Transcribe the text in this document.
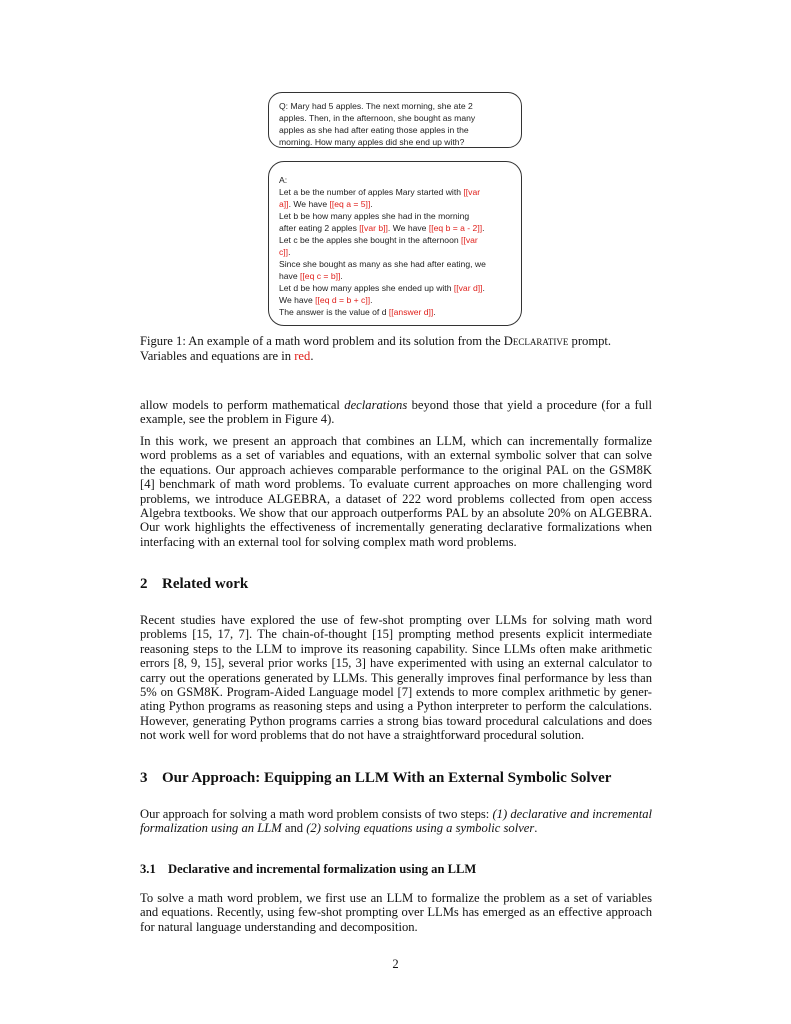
Q: Mary had 5 apples. The next morning, she ate 2
apples. Then, in the afternoon, she bought as many
apples as she had after eating those apples in the
morning. How many apples did she end up with?
A:
Let a be the number of apples Mary started with [[var
a]]. We have [[eq a = 5]].
Let b be how many apples she had in the morning
after eating 2 apples [[var b]]. We have [[eq b = a - 2]].
Let c be the apples she bought in the afternoon [[var
c]].
Since she bought as many as she had after eating, we
have [[eq c = b]].
Let d be how many apples she ended up with [[var d]].
We have [[eq d = b + c]].
The answer is the value of d [[answer d]].
Figure 1: An example of a math word problem and its solution from the Declarative prompt.
Variables and equations are in red.
allow models to perform mathematical declarations beyond those that yield a procedure (for a full
example, see the problem in Figure 4).
In this work, we present an approach that combines an LLM, which can incrementally formalize
word problems as a set of variables and equations, with an external symbolic solver that can solve
the equations. Our approach achieves comparable performance to the original PAL on the GSM8K
[4] benchmark of math word problems. To evaluate current approaches on more challenging word
problems, we introduce ALGEBRA, a dataset of 222 word problems collected from open access
Algebra textbooks. We show that our approach outperforms PAL by an absolute 20% on ALGEBRA.
Our work highlights the effectiveness of incrementally generating declarative formalizations when
interfacing with an external tool for solving complex math word problems.
2 Related work
Recent studies have explored the use of few-shot prompting over LLMs for solving math word
problems [15, 17, 7]. The chain-of-thought [15] prompting method presents explicit intermediate
reasoning steps to the LLM to improve its reasoning capability. Since LLMs often make arithmetic
errors [8, 9, 15], several prior works [15, 3] have experimented with using an external calculator to
carry out the operations generated by LLMs. This generally improves final performance by less than
5% on GSM8K. Program-Aided Language model [7] extends to more complex arithmetic by gener-
ating Python programs as reasoning steps and using a Python interpreter to perform the calculations.
However, generating Python programs carries a strong bias toward procedural calculations and does
not work well for word problems that do not have a straightforward procedural solution.
3 Our Approach: Equipping an LLM With an External Symbolic Solver
Our approach for solving a math word problem consists of two steps: (1) declarative and incremental
formalization using an LLM and (2) solving equations using a symbolic solver.
3.1 Declarative and incremental formalization using an LLM
To solve a math word problem, we first use an LLM to formalize the problem as a set of variables
and equations. Recently, using few-shot prompting over LLMs has emerged as an effective approach
for natural language understanding and decomposition.
2
